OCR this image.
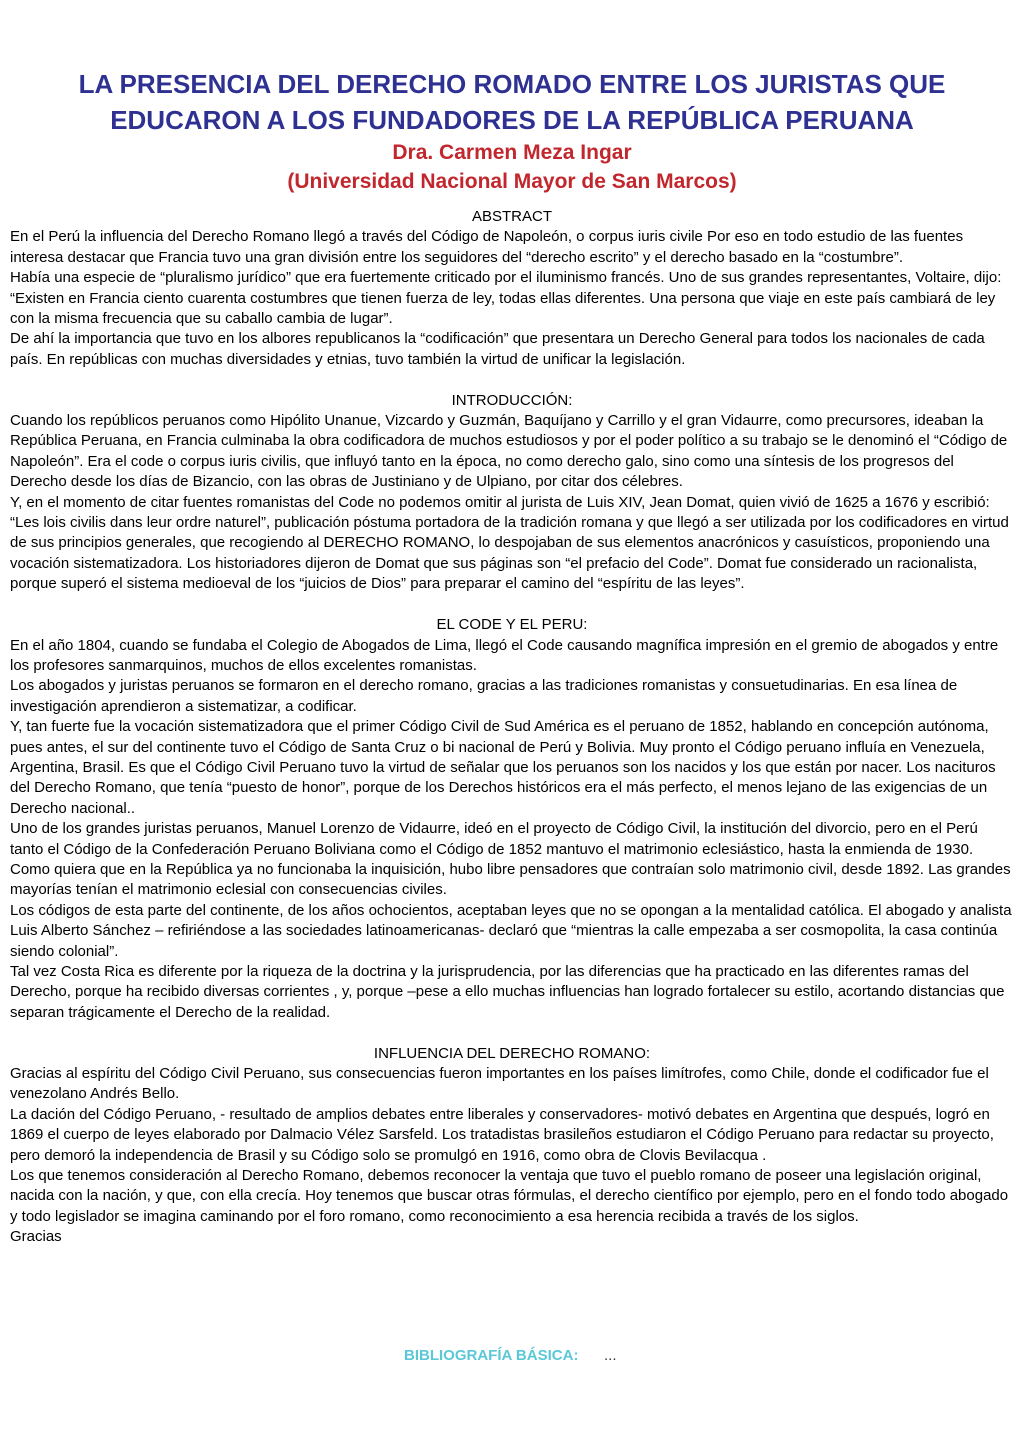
LA PRESENCIA DEL DERECHO ROMADO ENTRE LOS JURISTAS QUE EDUCARON A LOS FUNDADORES DE LA REPÚBLICA PERUANA
Dra. Carmen Meza Ingar
(Universidad Nacional Mayor de San Marcos)
ABSTRACT

En el Perú la influencia del Derecho Romano llegó a través del Código de Napoleón, o corpus iuris civile Por eso en todo estudio de las fuentes interesa destacar que Francia tuvo una gran división entre los seguidores del “derecho escrito” y el derecho basado en la “costumbre”.

Había una especie de “pluralismo jurídico” que era fuertemente criticado por el iluminismo francés. Uno de sus grandes representantes, Voltaire, dijo:

“Existen en Francia ciento cuarenta costumbres que tienen fuerza de ley, todas ellas diferentes. Una persona que viaje en este país cambiará de ley con la misma frecuencia que su caballo cambia de lugar”.

De ahí la importancia que tuvo en los albores republicanos la “codificación” que presentara un Derecho General para todos los nacionales de cada país. En repúblicas con muchas diversidades y etnias, tuvo también la virtud de unificar la legislación.

INTRODUCCIÓN:

Cuando los repúblicos peruanos como Hipólito Unanue, Vizcardo y Guzmán, Baquíjano y Carrillo y el gran Vidaurre, como precursores, ideaban la República Peruana, en Francia culminaba la obra codificadora de muchos estudiosos y por el poder político a su trabajo se le denominó el “Código de Napoleón”. Era el code o corpus iuris civilis, que influyó tanto en la época, no como derecho galo, sino como una síntesis de los progresos del Derecho desde los días de Bizancio, con las obras de Justiniano y de Ulpiano, por citar dos célebres.

Y, en el momento de citar fuentes romanistas del Code no podemos omitir al jurista de Luis XIV, Jean Domat, quien vivió de 1625 a 1676 y escribió: “Les lois civilis dans leur ordre naturel”, publicación póstuma portadora de la tradición romana y que llegó a ser utilizada por los codificadores en virtud de sus principios generales, que recogiendo al DERECHO ROMANO, lo despojaban de sus elementos anacrónicos y casuísticos, proponiendo una vocación sistematizadora. Los historiadores dijeron de Domat que sus páginas son “el prefacio del Code”. Domat fue considerado un racionalista, porque superó el sistema medioeval de los “juicios de Dios” para preparar el camino del “espíritu de las leyes”.

EL CODE Y EL PERU:

En el año 1804, cuando se fundaba el Colegio de Abogados de Lima, llegó el Code causando magnífica impresión en el gremio de abogados y entre los profesores sanmarquinos, muchos de ellos excelentes romanistas.

Los abogados y juristas peruanos se formaron en el derecho romano, gracias a las tradiciones romanistas y consuetudinarias. En esa línea de investigación aprendieron a sistematizar, a codificar.

Y, tan fuerte fue la vocación sistematizadora que el primer Código Civil de Sud América es el peruano de 1852, hablando en concepción autónoma, pues antes, el sur del continente tuvo el Código de Santa Cruz o bi nacional de Perú y Bolivia. Muy pronto el Código peruano influía en Venezuela, Argentina, Brasil. Es que el Código Civil Peruano tuvo la virtud de señalar que los peruanos son los nacidos y los que están por nacer. Los nacituros del Derecho Romano, que tenía “puesto de honor”, porque de los Derechos históricos era el más perfecto, el menos lejano de las exigencias de un Derecho nacional..

Uno de los grandes juristas peruanos, Manuel Lorenzo de Vidaurre, ideó en el proyecto de Código Civil, la institución del divorcio, pero en el Perú tanto el Código de la Confederación Peruano Boliviana como el Código de 1852 mantuvo el matrimonio eclesiástico, hasta la enmienda de 1930. Como quiera que en la República ya no funcionaba la inquisición, hubo libre pensadores que contraían solo matrimonio civil, desde 1892. Las grandes mayorías tenían el matrimonio eclesial con consecuencias civiles.

Los códigos de esta parte del continente, de los años ochocientos, aceptaban leyes que no se opongan a la mentalidad católica. El abogado y analista Luis Alberto Sánchez – refiriéndose a las sociedades latinoamericanas- declaró que “mientras la calle empezaba a ser cosmopolita, la casa continúa siendo colonial”.

Tal vez Costa Rica es diferente por la riqueza de la doctrina y la jurisprudencia, por las diferencias que ha practicado en las diferentes ramas del Derecho, porque ha recibido diversas corrientes , y, porque –pese a ello muchas influencias han logrado fortalecer su estilo, acortando distancias que separan trágicamente el Derecho de la realidad.

INFLUENCIA DEL DERECHO ROMANO:

Gracias al espíritu del Código Civil Peruano, sus consecuencias fueron importantes en los países limítrofes, como Chile, donde el codificador fue el venezolano Andrés Bello.

La dación del Código Peruano, - resultado de amplios debates entre liberales y conservadores- motivó debates en Argentina que después, logró en 1869 el cuerpo de leyes elaborado por Dalmacio Vélez Sarsfeld. Los tratadistas brasileños estudiaron el Código Peruano para redactar su proyecto, pero demoró la independencia de Brasil y su Código solo se promulgó en 1916, como obra de Clovis Bevilacqua .

Los que tenemos consideración al Derecho Romano, debemos reconocer la ventaja que tuvo el pueblo romano de poseer una legislación original, nacida con la nación, y que, con ella crecía. Hoy tenemos que buscar otras fórmulas, el derecho científico por ejemplo, pero en el fondo todo abogado y todo legislador se imagina caminando por el foro romano, como reconocimiento a esa herencia recibida a través de los siglos.

Gracias

BIBLIOGRAFÍA BÁSICA: ...
